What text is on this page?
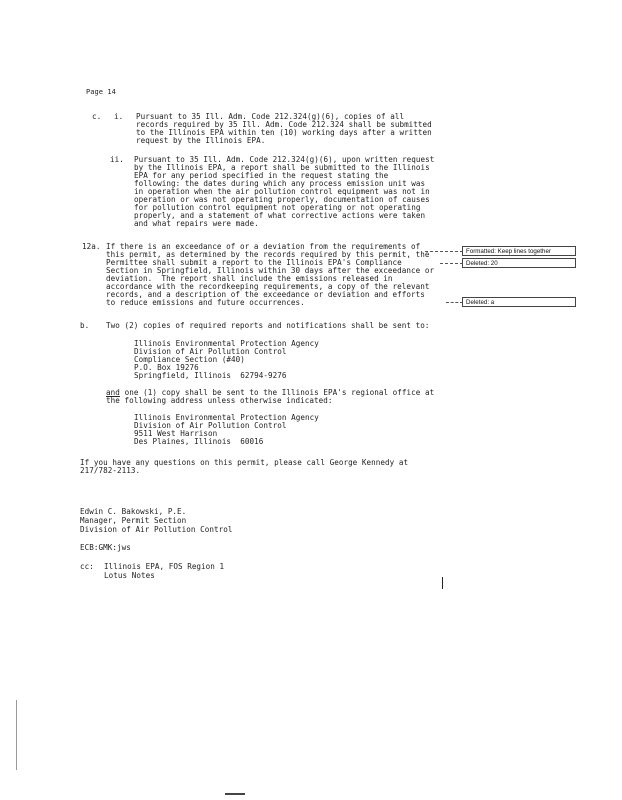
Page 14
c. i. Pursuant to 35 Ill. Adm. Code 212.324(g)(6), copies of all
records required by 35 Ill. Adm. Code 212.324 shall be submitted
to the Illinois EPA within ten (10) working days after a written
request by the Illinois EPA.
ii. Pursuant to 35 Ill. Adm. Code 212.324(g)(6), upon written request
by the Illinois EPA, a report shall be submitted to the Illinois
EPA for any period specified in the request stating the
following: the dates during which any process emission unit was
in operation when the air pollution control equipment was not in
operation or was not operating properly, documentation of causes
for pollution control equipment not operating or not operating
properly, and a statement of what corrective actions were taken
and what repairs were made.
12a. If there is an exceedance of or a deviation from the requirements of
this permit, as determined by the records required by this permit, the
Permittee shall submit a report to the Illinois EPA's Compliance
Section in Springfield, Illinois within 30 days after the exceedance or
deviation.  The report shall include the emissions released in
accordance with the recordkeeping requirements, a copy of the relevant
records, and a description of the exceedance or deviation and efforts
to reduce emissions and future occurrences.
Formatted: Keep lines together
Deleted: 20
Deleted: a
b. Two (2) copies of required reports and notifications shall be sent to:
Illinois Environmental Protection Agency
Division of Air Pollution Control
Compliance Section (#40)
P.O. Box 19276
Springfield, Illinois  62794-9276
and one (1) copy shall be sent to the Illinois EPA's regional office at
the following address unless otherwise indicated:
Illinois Environmental Protection Agency
Division of Air Pollution Control
9511 West Harrison
Des Plaines, Illinois  60016
If you have any questions on this permit, please call George Kennedy at
217/782-2113.
Edwin C. Bakowski, P.E.
Manager, Permit Section
Division of Air Pollution Control
ECB:GMK:jws
cc: Illinois EPA, FOS Region 1
Lotus Notes
